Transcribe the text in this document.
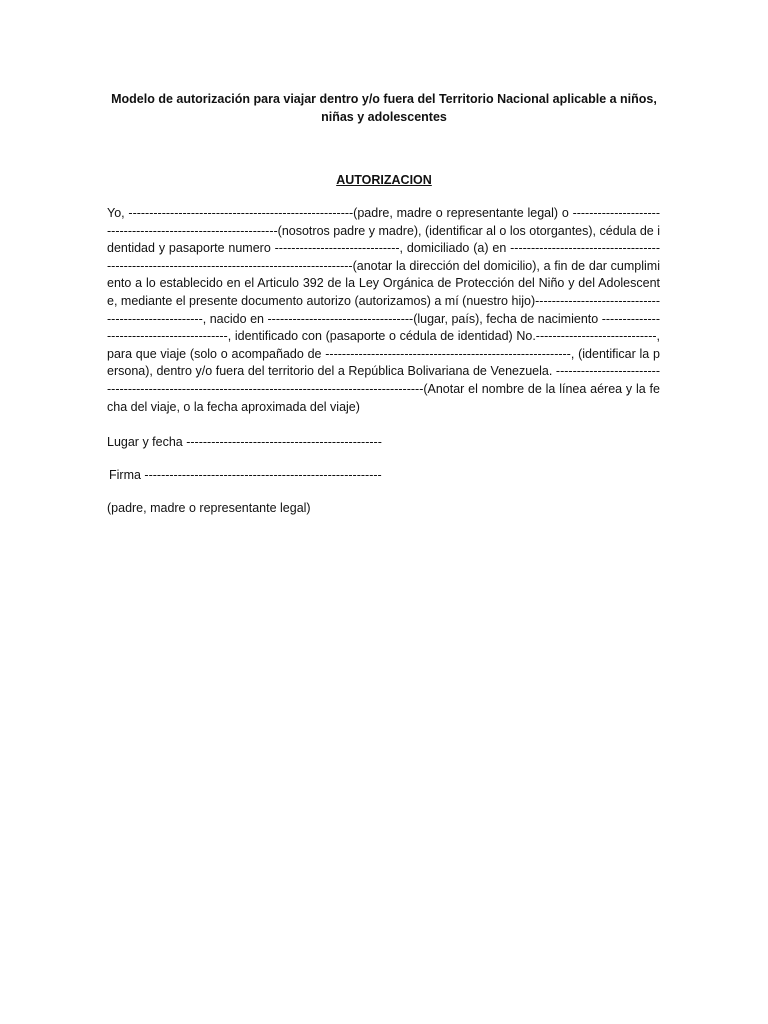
Modelo de autorización para viajar dentro y/o fuera del Territorio Nacional aplicable a niños, niñas y adolescentes

AUTORIZACION

Yo, ------------------------------------------------------(padre, madre o representante legal) o --------------------------------------------------------------(nosotros padre y madre), (identificar al o los otorgantes), cédula de identidad y pasaporte numero ------------------------------, domiciliado (a) en -----------------------------------------------------------------------------------------------(anotar la dirección del domicilio), a fin de dar cumplimiento a lo establecido en el Articulo 392 de la Ley Orgánica de Protección del Niño y del Adolescente, mediante el presente documento autorizo (autorizamos) a mí (nuestro hijo)-----------------------------------------------------, nacido en -----------------------------------(lugar, país), fecha de nacimiento -------------------------------------------, identificado con (pasaporte o cédula de identidad) No.-----------------------------, para que viaje (solo o acompañado de -----------------------------------------------------------, (identificar la persona), dentro y/o fuera del territorio del a República Bolivariana de Venezuela. -----------------------------------------------------------------------------------------------------(Anotar el nombre de la línea aérea y la fecha del viaje, o la fecha aproximada del viaje)

Lugar y fecha -----------------------------------------------

Firma ---------------------------------------------------------

(padre, madre o representante legal)
